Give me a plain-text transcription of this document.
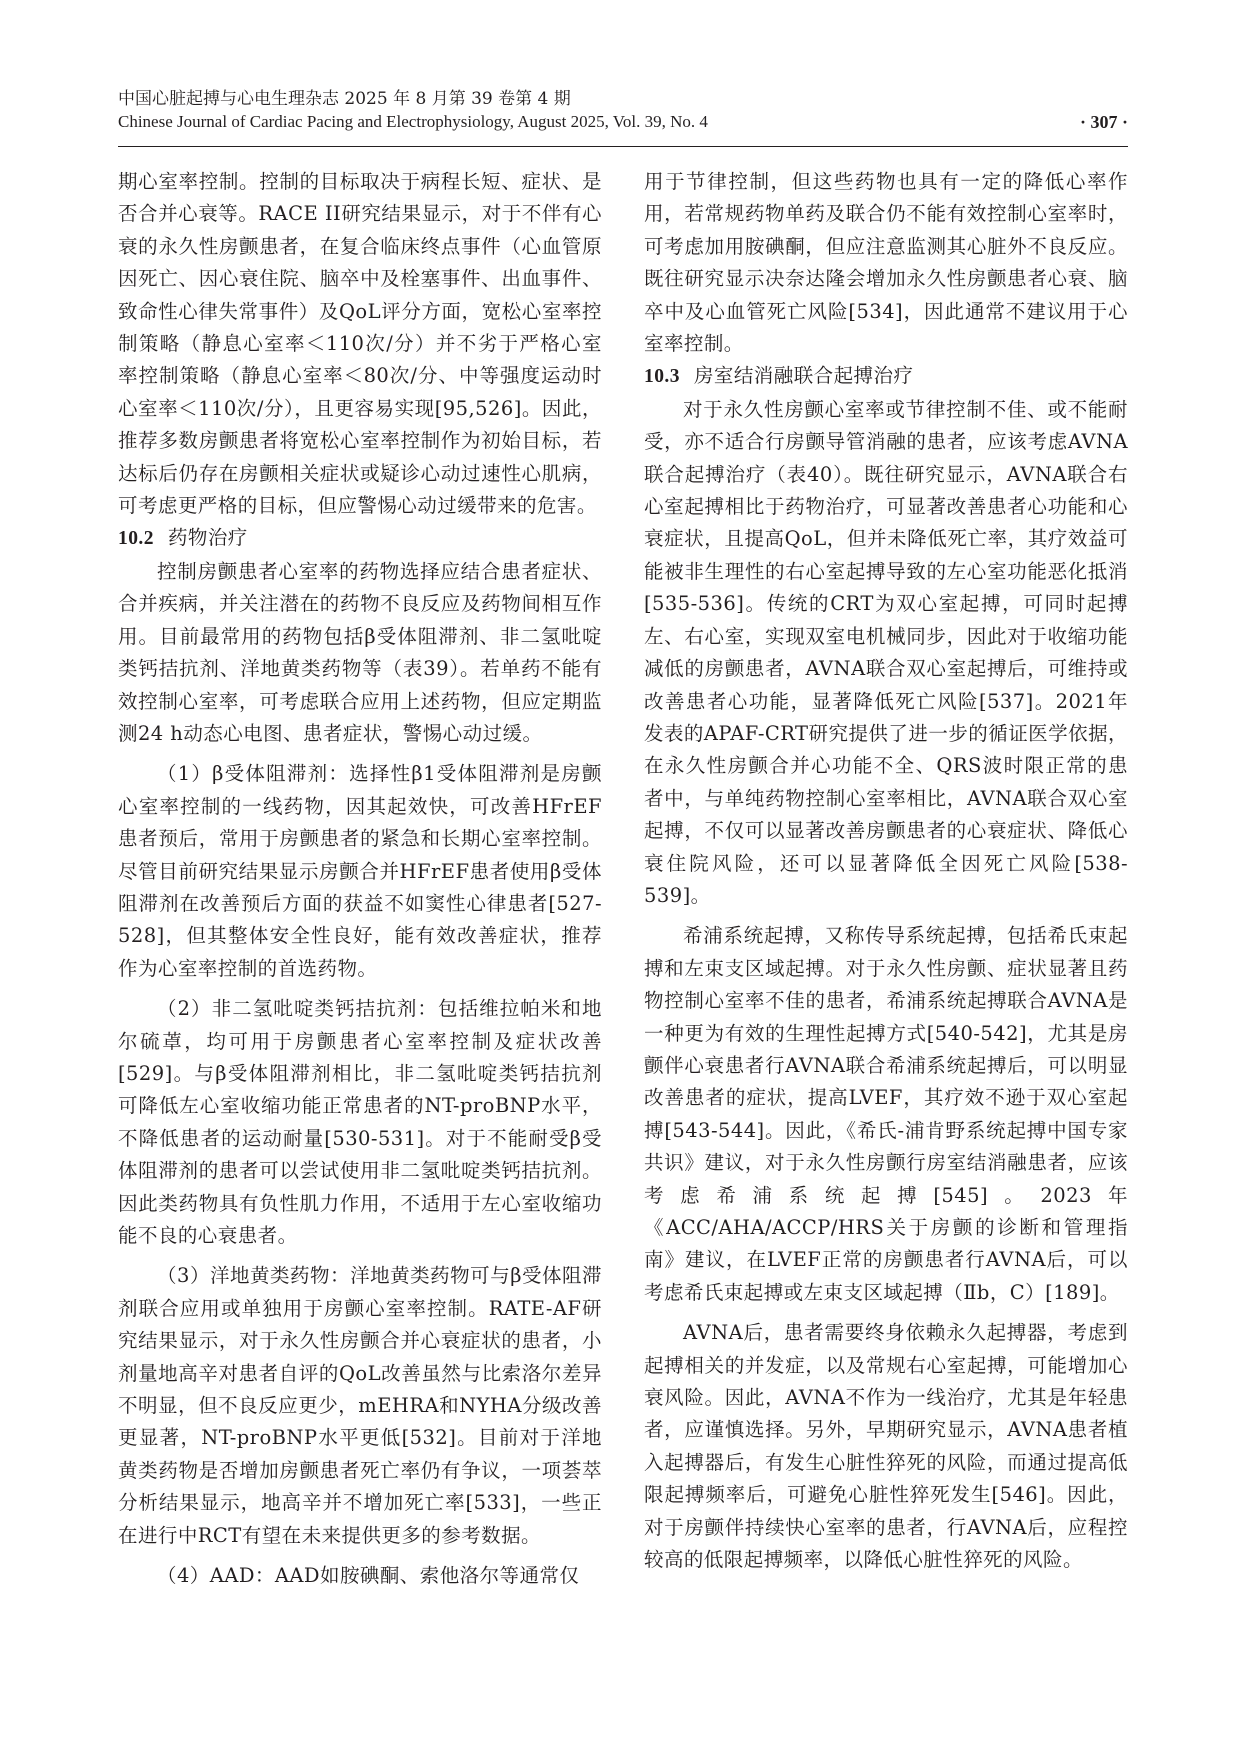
中国心脏起搏与心电生理杂志 2025 年 8 月第 39 卷第 4 期
Chinese Journal of Cardiac Pacing and Electrophysiology, August 2025, Vol. 39, No. 4	· 307 ·

期心室率控制。控制的目标取决于病程长短、症状、是否合并心衰等。RACE II研究结果显示，对于不伴有心衰的永久性房颤患者，在复合临床终点事件（心血管原因死亡、因心衰住院、脑卒中及栓塞事件、出血事件、致命性心律失常事件）及QoL评分方面，宽松心室率控制策略（静息心室率＜110次/分）并不劣于严格心室率控制策略（静息心室率＜80次/分、中等强度运动时心室率＜110次/分），且更容易实现[95,526]。因此，推荐多数房颤患者将宽松心室率控制作为初始目标，若达标后仍存在房颤相关症状或疑诊心动过速性心肌病，可考虑更严格的目标，但应警惕心动过缓带来的危害。

10.2 药物治疗

控制房颤患者心室率的药物选择应结合患者症状、合并疾病，并关注潜在的药物不良反应及药物间相互作用。目前最常用的药物包括β受体阻滞剂、非二氢吡啶类钙拮抗剂、洋地黄类药物等（表39）。若单药不能有效控制心室率，可考虑联合应用上述药物，但应定期监测24 h动态心电图、患者症状，警惕心动过缓。

（1）β受体阻滞剂：选择性β1受体阻滞剂是房颤心室率控制的一线药物，因其起效快，可改善HFrEF患者预后，常用于房颤患者的紧急和长期心室率控制。尽管目前研究结果显示房颤合并HFrEF患者使用β受体阻滞剂在改善预后方面的获益不如窦性心律患者[527-528]，但其整体安全性良好，能有效改善症状，推荐作为心室率控制的首选药物。

（2）非二氢吡啶类钙拮抗剂：包括维拉帕米和地尔硫䓬，均可用于房颤患者心室率控制及症状改善[529]。与β受体阻滞剂相比，非二氢吡啶类钙拮抗剂可降低左心室收缩功能正常患者的NT-proBNP水平，不降低患者的运动耐量[530-531]。对于不能耐受β受体阻滞剂的患者可以尝试使用非二氢吡啶类钙拮抗剂。因此类药物具有负性肌力作用，不适用于左心室收缩功能不良的心衰患者。

（3）洋地黄类药物：洋地黄类药物可与β受体阻滞剂联合应用或单独用于房颤心室率控制。RATE-AF研究结果显示，对于永久性房颤合并心衰症状的患者，小剂量地高辛对患者自评的QoL改善虽然与比索洛尔差异不明显，但不良反应更少，mEHRA和NYHA分级改善更显著，NT-proBNP水平更低[532]。目前对于洋地黄类药物是否增加房颤患者死亡率仍有争议，一项荟萃分析结果显示，地高辛并不增加死亡率[533]，一些正在进行中RCT有望在未来提供更多的参考数据。

（4）AAD：AAD如胺碘酮、索他洛尔等通常仅

用于节律控制，但这些药物也具有一定的降低心率作用，若常规药物单药及联合仍不能有效控制心室率时，可考虑加用胺碘酮，但应注意监测其心脏外不良反应。既往研究显示决奈达隆会增加永久性房颤患者心衰、脑卒中及心血管死亡风险[534]，因此通常不建议用于心室率控制。

10.3 房室结消融联合起搏治疗

对于永久性房颤心室率或节律控制不佳、或不能耐受，亦不适合行房颤导管消融的患者，应该考虑AVNA联合起搏治疗（表40）。既往研究显示，AVNA联合右心室起搏相比于药物治疗，可显著改善患者心功能和心衰症状，且提高QoL，但并未降低死亡率，其疗效益可能被非生理性的右心室起搏导致的左心室功能恶化抵消[535-536]。传统的CRT为双心室起搏，可同时起搏左、右心室，实现双室电机械同步，因此对于收缩功能减低的房颤患者，AVNA联合双心室起搏后，可维持或改善患者心功能，显著降低死亡风险[537]。2021年发表的APAF-CRT研究提供了进一步的循证医学依据，在永久性房颤合并心功能不全、QRS波时限正常的患者中，与单纯药物控制心室率相比，AVNA联合双心室起搏，不仅可以显著改善房颤患者的心衰症状、降低心衰住院风险，还可以显著降低全因死亡风险[538-539]。

希浦系统起搏，又称传导系统起搏，包括希氏束起搏和左束支区域起搏。对于永久性房颤、症状显著且药物控制心室率不佳的患者，希浦系统起搏联合AVNA是一种更为有效的生理性起搏方式[540-542]，尤其是房颤伴心衰患者行AVNA联合希浦系统起搏后，可以明显改善患者的症状，提高LVEF，其疗效不逊于双心室起搏[543-544]。因此，《希氏-浦肯野系统起搏中国专家共识》建议，对于永久性房颤行房室结消融患者，应该考虑希浦系统起搏[545]。2023年《ACC/AHA/ACCP/HRS关于房颤的诊断和管理指南》建议，在LVEF正常的房颤患者行AVNA后，可以考虑希氏束起搏或左束支区域起搏（Ⅱb，C）[189]。

AVNA后，患者需要终身依赖永久起搏器，考虑到起搏相关的并发症，以及常规右心室起搏，可能增加心衰风险。因此，AVNA不作为一线治疗，尤其是年轻患者，应谨慎选择。另外，早期研究显示，AVNA患者植入起搏器后，有发生心脏性猝死的风险，而通过提高低限起搏频率后，可避免心脏性猝死发生[546]。因此，对于房颤伴持续快心室率的患者，行AVNA后，应程控较高的低限起搏频率，以降低心脏性猝死的风险。
